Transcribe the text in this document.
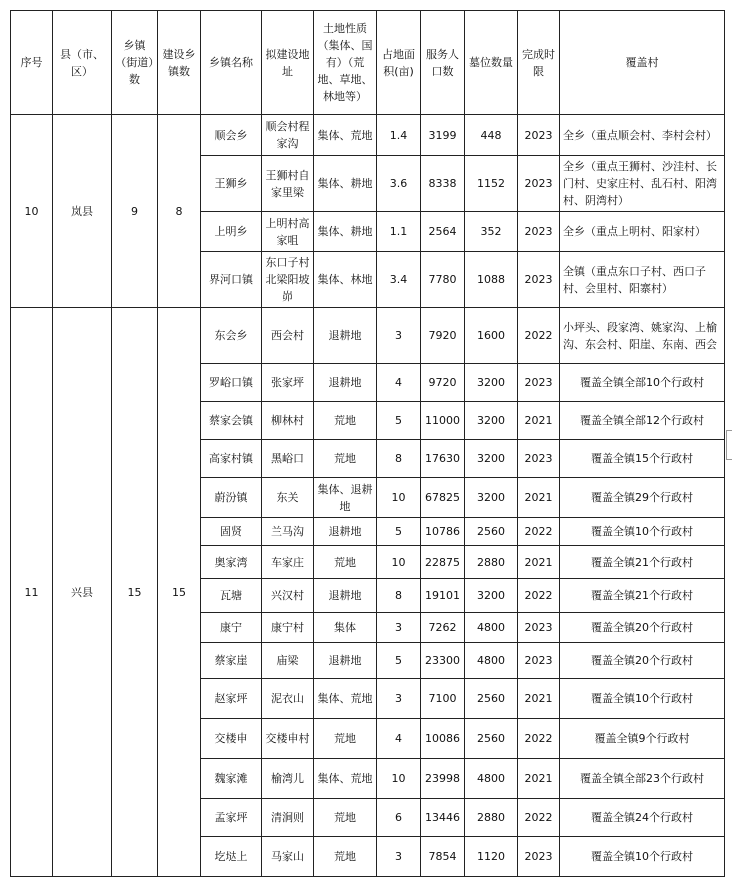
序号	县（市、区）	乡镇（街道）数	建设乡镇数	乡镇名称	拟建设地址	土地性质（集体、国有）（荒地、草地、林地等）	占地面积(亩)	服务人口数	墓位数量	完成时限	覆盖村
10	岚县	9	8	顺会乡	顺会村程家沟	集体、荒地	1.4	3199	448	2023	全乡（重点顺会村、李村会村）
				王狮乡	王狮村自家里梁	集体、耕地	3.6	8338	1152	2023	全乡（重点王狮村、沙洼村、长门村、史家庄村、乱石村、阳湾村、阴湾村）
				上明乡	上明村高家咀	集体、耕地	1.1	2564	352	2023	全乡（重点上明村、阳家村）
				界河口镇	东口子村北梁阳坡峁	集体、林地	3.4	7780	1088	2023	全镇（重点东口子村、西口子村、会里村、阳寨村）
11	兴县	15	15	东会乡	西会村	退耕地	3	7920	1600	2022	小坪头、段家湾、姚家沟、上榆沟、东会村、阳崖、东南、西会
				罗峪口镇	张家坪	退耕地	4	9720	3200	2023	覆盖全镇全部10个行政村
				蔡家会镇	柳林村	荒地	5	11000	3200	2021	覆盖全镇全部12个行政村
				高家村镇	黑峪口	荒地	8	17630	3200	2023	覆盖全镇15个行政村
				蔚汾镇	东关	集体、退耕地	10	67825	3200	2021	覆盖全镇29个行政村
				固贤	兰马沟	退耕地	5	10786	2560	2022	覆盖全镇10个行政村
				奥家湾	车家庄	荒地	10	22875	2880	2021	覆盖全镇21个行政村
				瓦塘	兴汉村	退耕地	8	19101	3200	2022	覆盖全镇21个行政村
				康宁	康宁村	集体	3	7262	4800	2023	覆盖全镇20个行政村
				蔡家崖	庙梁	退耕地	5	23300	4800	2023	覆盖全镇20个行政村
				赵家坪	泥衣山	集体、荒地	3	7100	2560	2021	覆盖全镇10个行政村
				交楼申	交楼申村	荒地	4	10086	2560	2022	覆盖全镇9个行政村
				魏家滩	榆湾儿	集体、荒地	10	23998	4800	2021	覆盖全镇全部23个行政村
				孟家坪	清涧则	荒地	6	13446	2880	2022	覆盖全镇24个行政村
				圪垯上	马家山	荒地	3	7854	1120	2023	覆盖全镇10个行政村
